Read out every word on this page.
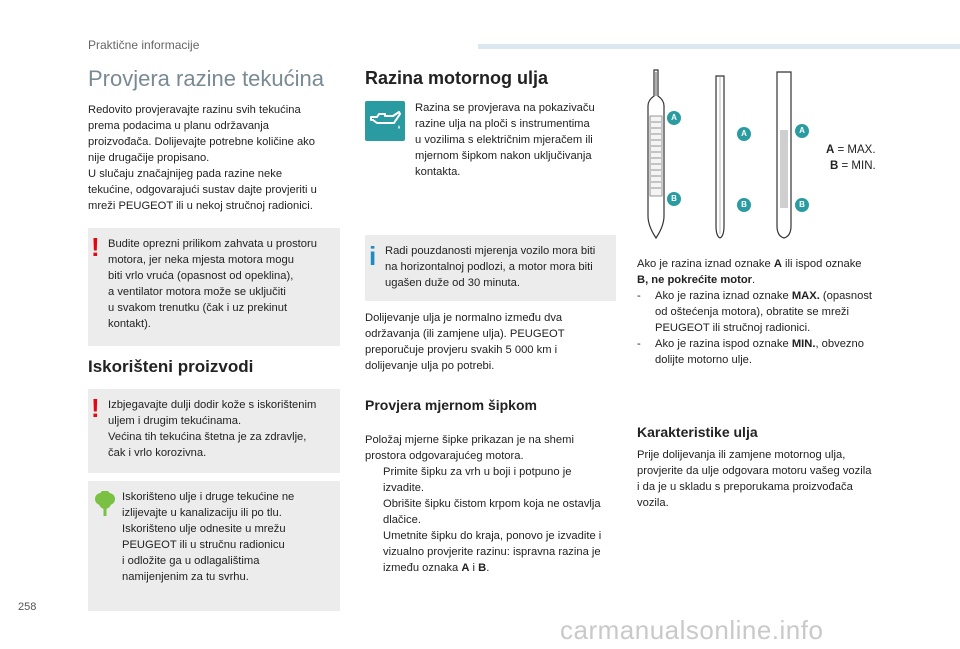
Praktične informacije
Provjera razine tekućina
Redovito provjeravajte razinu svih tekućina
prema podacima u planu održavanja
proizvođača. Dolijevajte potrebne količine ako
nije drugačije propisano.
U slučaju značajnijeg pada razine neke
tekućine, odgovarajući sustav dajte provjeriti u
mreži PEUGEOT ili u nekoj stručnoj radionici.
! Budite oprezni prilikom zahvata u prostoru
motora, jer neka mjesta motora mogu
biti vrlo vruća (opasnost od opeklina),
a ventilator motora može se uključiti
u svakom trenutku (čak i uz prekinut
kontakt).
Iskorišteni proizvodi
! Izbjegavajte dulji dodir kože s iskorištenim
uljem i drugim tekućinama.
Većina tih tekućina štetna je za zdravlje,
čak i vrlo korozivna.
Iskorišteno ulje i druge tekućine ne
izlijevajte u kanalizaciju ili po tlu.
Iskorišteno ulje odnesite u mrežu
PEUGEOT ili u stručnu radionicu
i odložite ga u odlagalištima
namijenjenim za tu svrhu.
Razina motornog ulja
Razina se provjerava na pokazivaču
razine ulja na ploči s instrumentima
u vozilima s električnim mjeračem ili
mjernom šipkom nakon uključivanja
kontakta.
i Radi pouzdanosti mjerenja vozilo mora biti
na horizontalnoj podlozi, a motor mora biti
ugašen duže od 30 minuta.
Dolijevanje ulja je normalno između dva
održavanja (ili zamjene ulja). PEUGEOT
preporučuje provjeru svakih 5 000 km i
dolijevanje ulja po potrebi.
Provjera mjernom šipkom
Položaj mjerne šipke prikazan je na shemi
prostora odgovarajućeg motora.
Primite šipku za vrh u boji i potpuno je
izvadite.
Obrišite šipku čistom krpom koja ne ostavlja
dlačice.
Umetnite šipku do kraja, ponovo je izvadite i
vizualno provjerite razinu: ispravna razina je
između oznaka A i B.
A
B
A
B
A
B
A = MAX.
B = MIN.
Ako je razina iznad oznake A ili ispod oznake
B, ne pokrećite motor.
- Ako je razina iznad oznake MAX. (opasnost
od oštećenja motora), obratite se mreži
PEUGEOT ili stručnoj radionici.
- Ako je razina ispod oznake MIN., obvezno
dolijte motorno ulje.
Karakteristike ulja
Prije dolijevanja ili zamjene motornog ulja,
provjerite da ulje odgovara motoru vašeg vozila
i da je u skladu s preporukama proizvođača
vozila.
258
carmanualsonline.info
